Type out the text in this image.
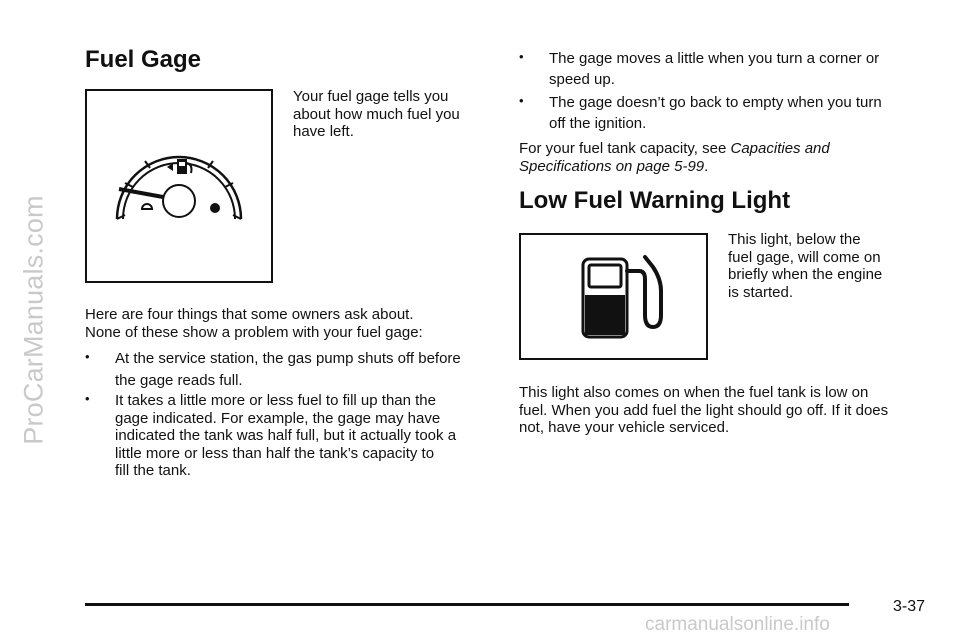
ProCarManuals.com
Fuel Gage

Your fuel gage tells you
about how much fuel you
have left.

Here are four things that some owners ask about.
None of these show a problem with your fuel gage:

•	At the service station, the gas pump shuts off before
the gage reads full.
•	It takes a little more or less fuel to fill up than the
gage indicated. For example, the gage may have
indicated the tank was half full, but it actually took a
little more or less than half the tank’s capacity to
fill the tank.
•	The gage moves a little when you turn a corner or
speed up.
•	The gage doesn’t go back to empty when you turn
off the ignition.

For your fuel tank capacity, see Capacities and
Specifications on page 5-99.

Low Fuel Warning Light

This light, below the
fuel gage, will come on
briefly when the engine
is started.

This light also comes on when the fuel tank is low on
fuel. When you add fuel the light should go off. If it does
not, have your vehicle serviced.

3-37
carmanualsonline.info
